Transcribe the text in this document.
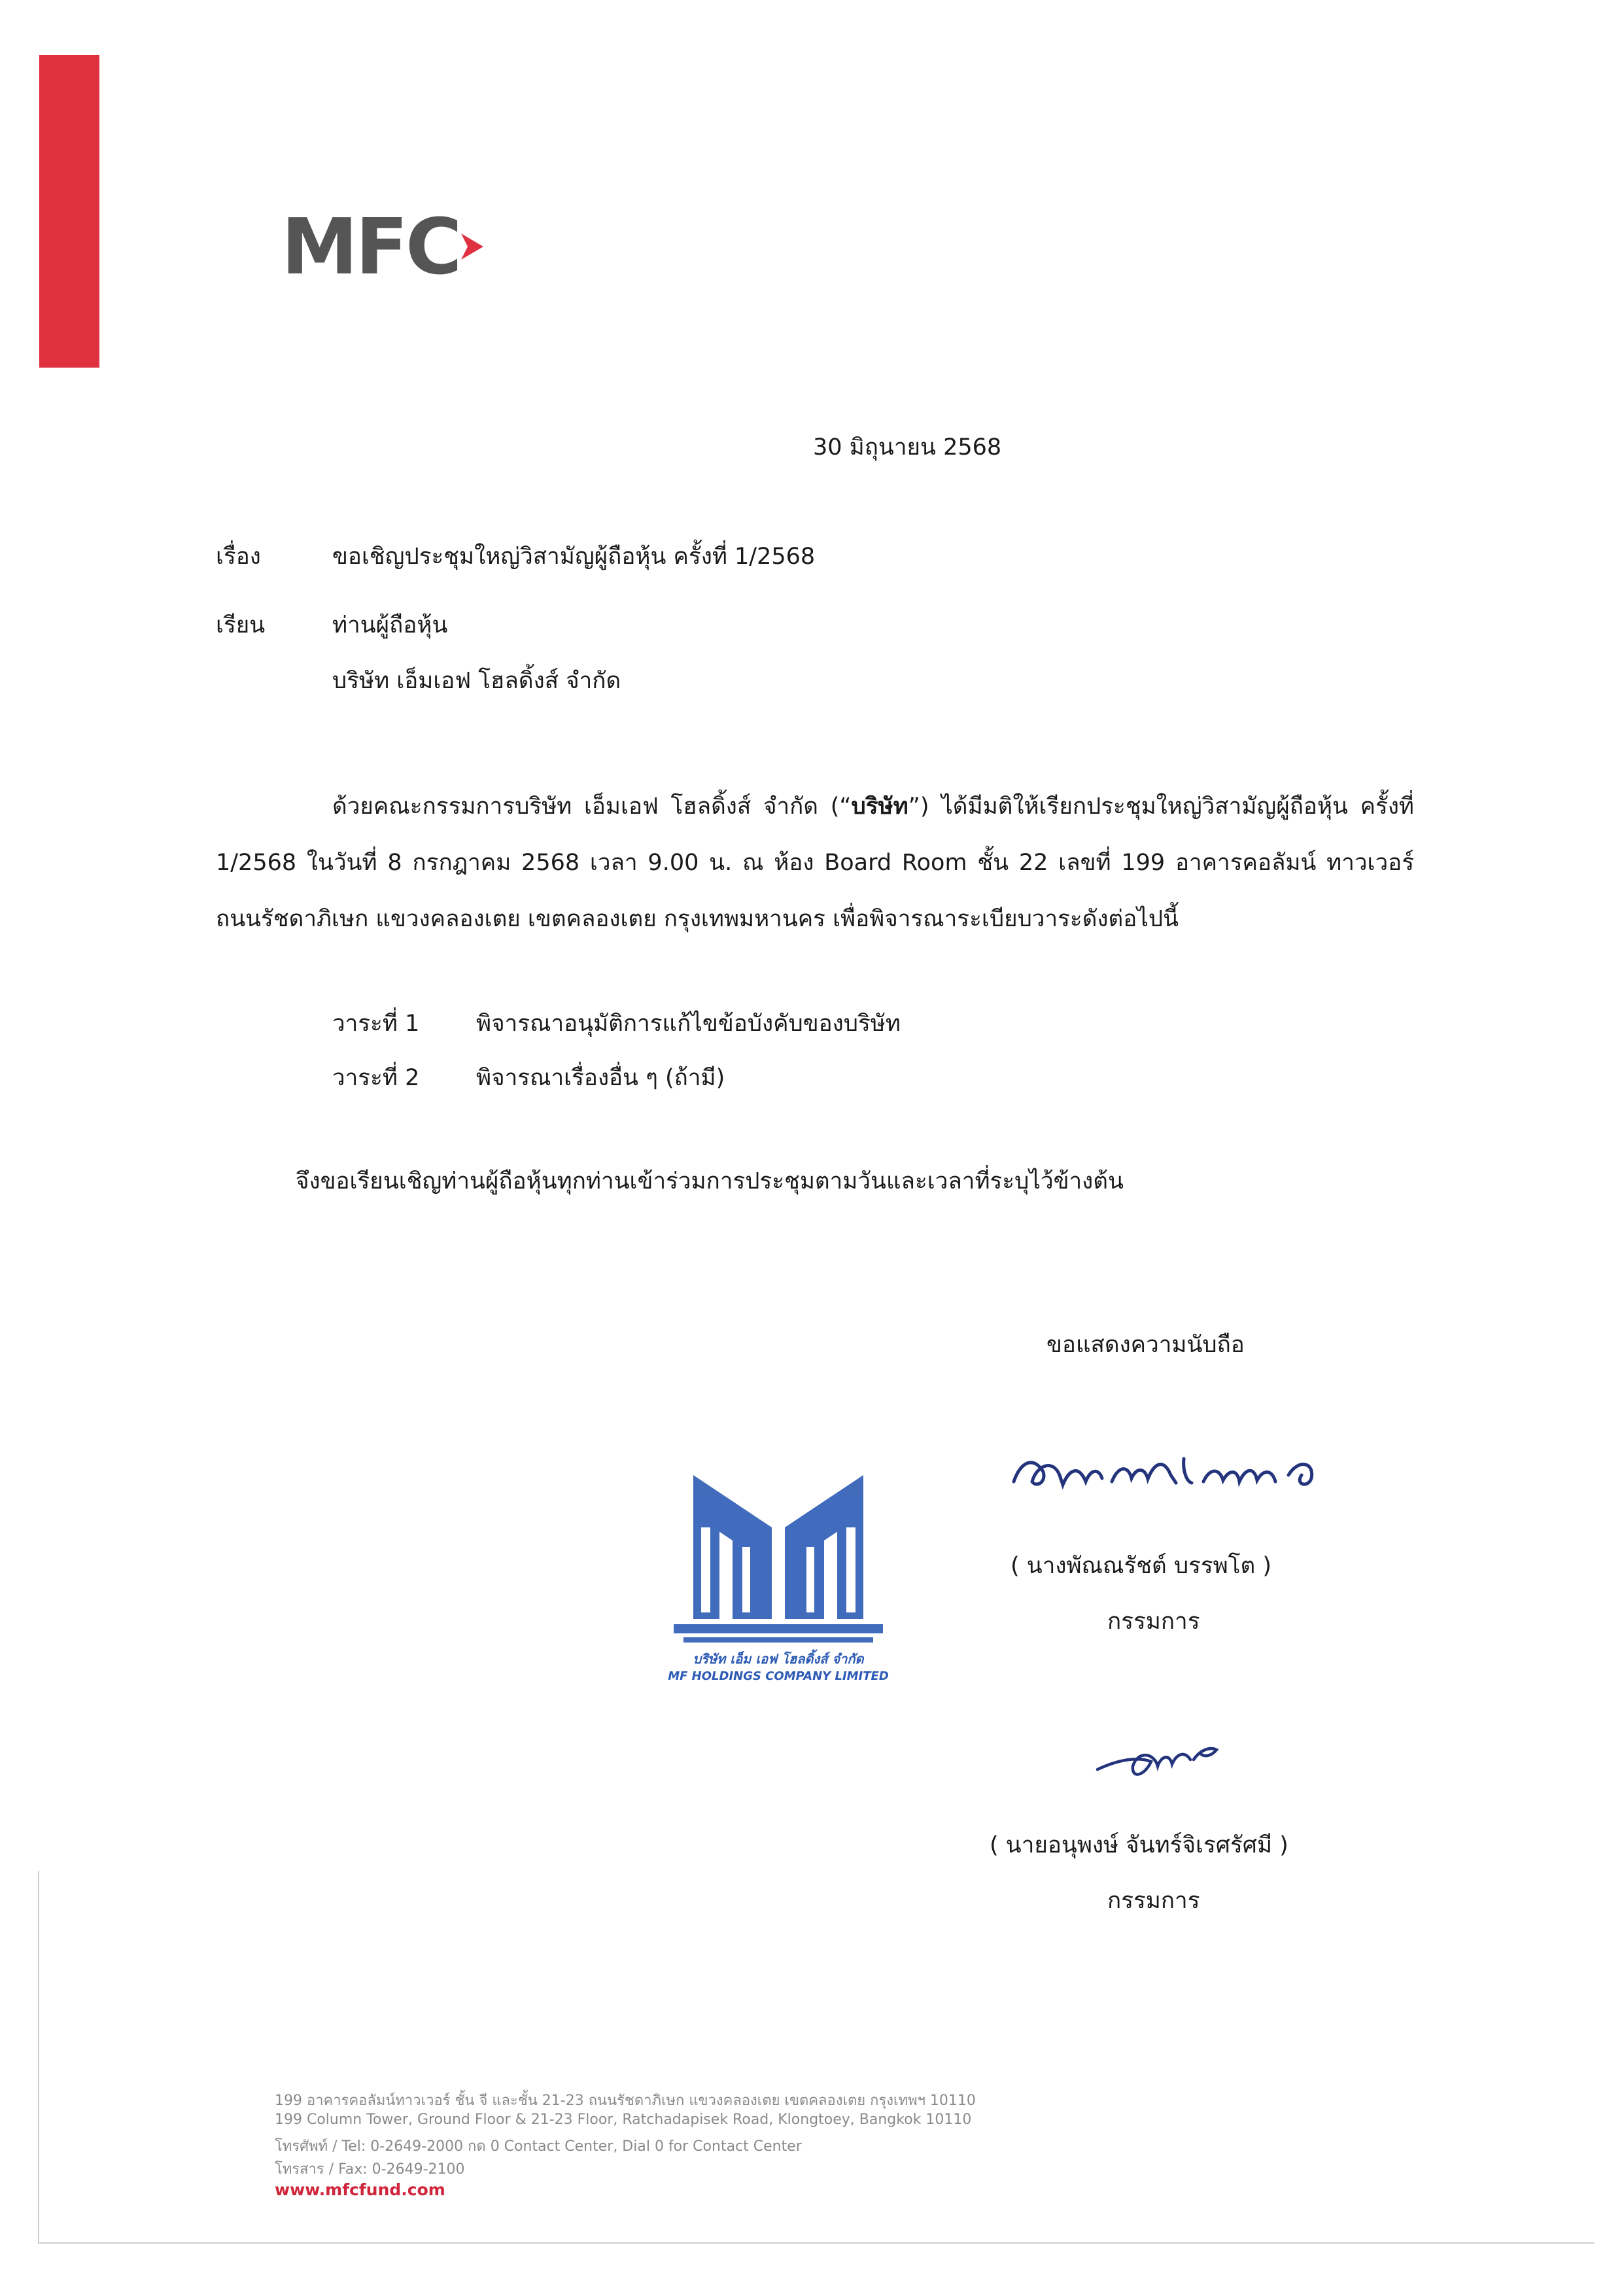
MFC
30 มิถุนายน 2568
เรื่อง	ขอเชิญประชุมใหญ่วิสามัญผู้ถือหุ้น ครั้งที่ 1/2568
เรียน	ท่านผู้ถือหุ้น
บริษัท เอ็มเอฟ โฮลดิ้งส์ จำกัด
ด้วยคณะกรรมการบริษัท เอ็มเอฟ โฮลดิ้งส์ จำกัด (“บริษัท”) ได้มีมติให้เรียกประชุมใหญ่วิสามัญผู้ถือหุ้น ครั้งที่ 1/2568 ในวันที่ 8 กรกฎาคม 2568 เวลา 9.00 น. ณ ห้อง Board Room ชั้น 22 เลขที่ 199 อาคารคอลัมน์ ทาวเวอร์ ถนนรัชดาภิเษก แขวงคลองเตย เขตคลองเตย กรุงเทพมหานคร เพื่อพิจารณาระเบียบวาระดังต่อไปนี้
วาระที่ 1 พิจารณาอนุมัติการแก้ไขข้อบังคับของบริษัท
วาระที่ 2 พิจารณาเรื่องอื่น ๆ (ถ้ามี)
จึงขอเรียนเชิญท่านผู้ถือหุ้นทุกท่านเข้าร่วมการประชุมตามวันและเวลาที่ระบุไว้ข้างต้น
ขอแสดงความนับถือ
( นางพัณณรัชต์ บรรพโต )
กรรมการ
( นายอนุพงษ์ จันทร์จิเรศรัศมี )
กรรมการ
บริษัท เอ็ม เอฟ โฮลดิ้งส์ จำกัด
MF HOLDINGS COMPANY LIMITED
199 อาคารคอลัมน์ทาวเวอร์ ชั้น จี และชั้น 21-23 ถนนรัชดาภิเษก แขวงคลองเตย เขตคลองเตย กรุงเทพฯ 10110
199 Column Tower, Ground Floor & 21-23 Floor, Ratchadapisek Road, Klongtoey, Bangkok 10110
โทรศัพท์ / Tel: 0-2649-2000 กด 0 Contact Center, Dial 0 for Contact Center
โทรสาร / Fax: 0-2649-2100
www.mfcfund.com
